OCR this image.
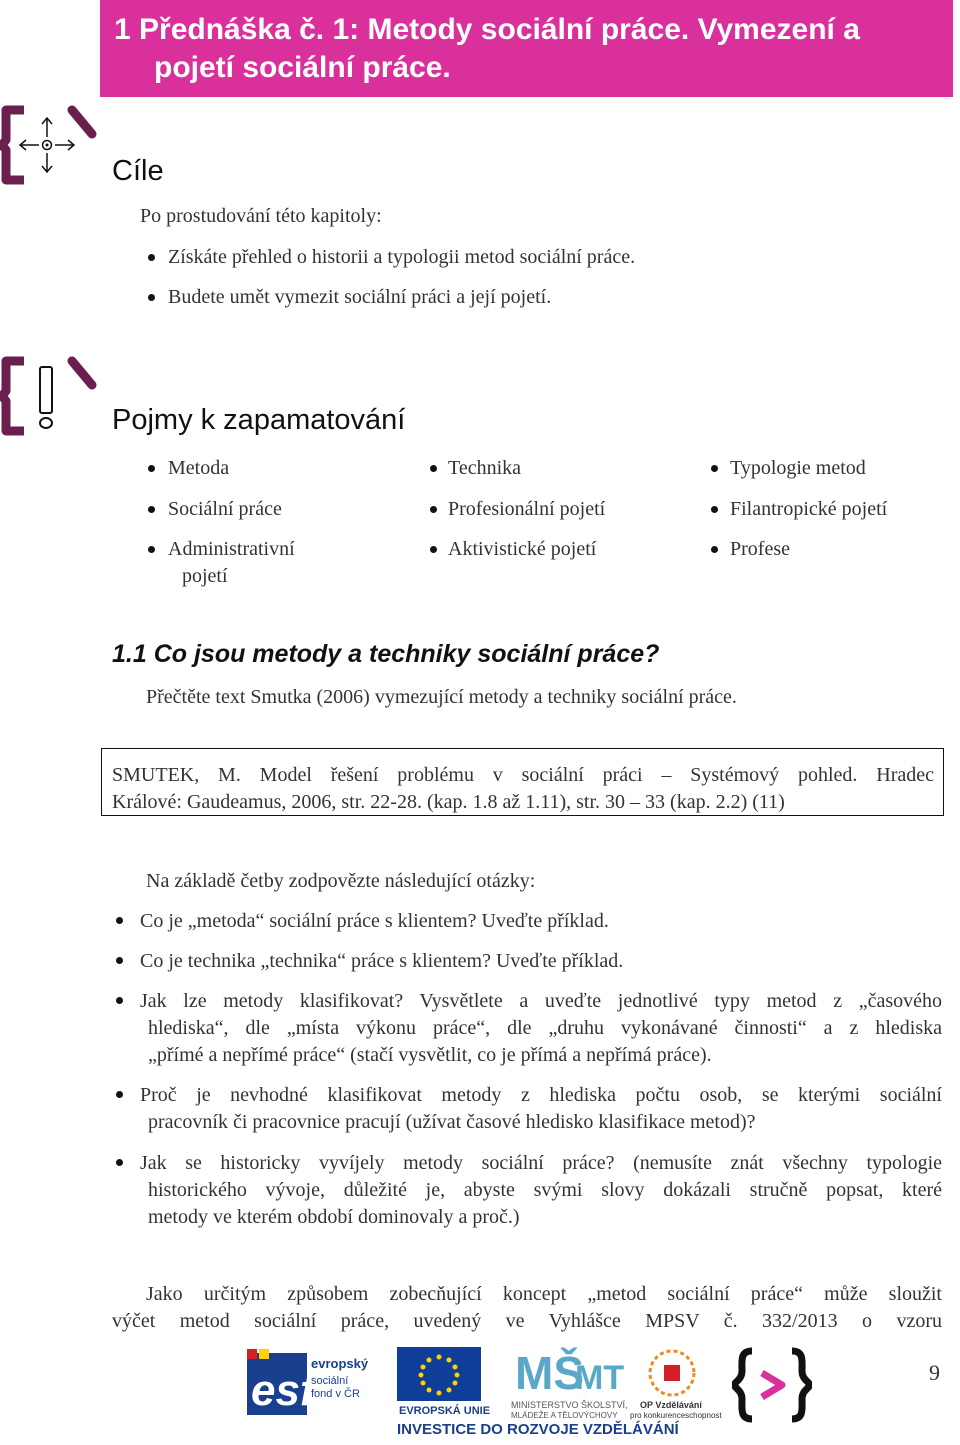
1 Přednáška č. 1: Metody sociální práce. Vymezení a
pojetí sociální práce.
Cíle
Po prostudování této kapitoly:
Získáte přehled o historii a typologii metod sociální práce.
Budete umět vymezit sociální práci a její pojetí.
Pojmy k zapamatování
Metoda
Sociální práce
Administrativní
pojetí
Technika
Profesionální pojetí
Aktivistické pojetí
Typologie metod
Filantropické pojetí
Profese
1.1 Co jsou metody a techniky sociální práce?
Přečtěte text Smutka (2006) vymezující metody a techniky sociální práce.
SMUTEK, M. Model řešení problému v sociální práci – Systémový pohled. Hradec
Králové: Gaudeamus, 2006, str. 22-28. (kap. 1.8 až 1.11), str. 30 – 33 (kap. 2.2) (11)
Na základě četby zodpovězte následující otázky:
Co je „metoda“ sociální práce s klientem? Uveďte příklad.
Co je technika „technika“ práce s klientem? Uveďte příklad.
Jak lze metody klasifikovat? Vysvětlete a uveďte jednotlivé typy metod z „časového
hlediska“, dle „místa výkonu práce“, dle „druhu vykonávané činnosti“ a z hlediska
„přímé a nepřímé práce“ (stačí vysvětlit, co je přímá a nepřímá práce).
Proč je nevhodné klasifikovat metody z hlediska počtu osob, se kterými sociální
pracovník či pracovnice pracují (užívat časové hledisko klasifikace metod)?
Jak se historicky vyvíjely metody sociální práce? (nemusíte znát všechny typologie
historického vývoje, důležité je, abyste svými slovy dokázali stručně popsat, které
metody ve kterém období dominovaly a proč.)
Jako určitým způsobem zobecňující koncept „metod sociální práce“ může sloužit
výčet metod sociální práce, uvedený ve Vyhlášce MPSV č. 332/2013 o vzoru
esf
evropský
sociální
fond v ČR
EVROPSKÁ UNIE
MŠ
MT
MINISTERSTVO ŠKOLSTVÍ,
MLÁDEŽE A TĚLOVÝCHOVY
OP Vzdělávání
pro konkurenceschopnost
INVESTICE DO ROZVOJE VZDĚLÁVÁNÍ
9
